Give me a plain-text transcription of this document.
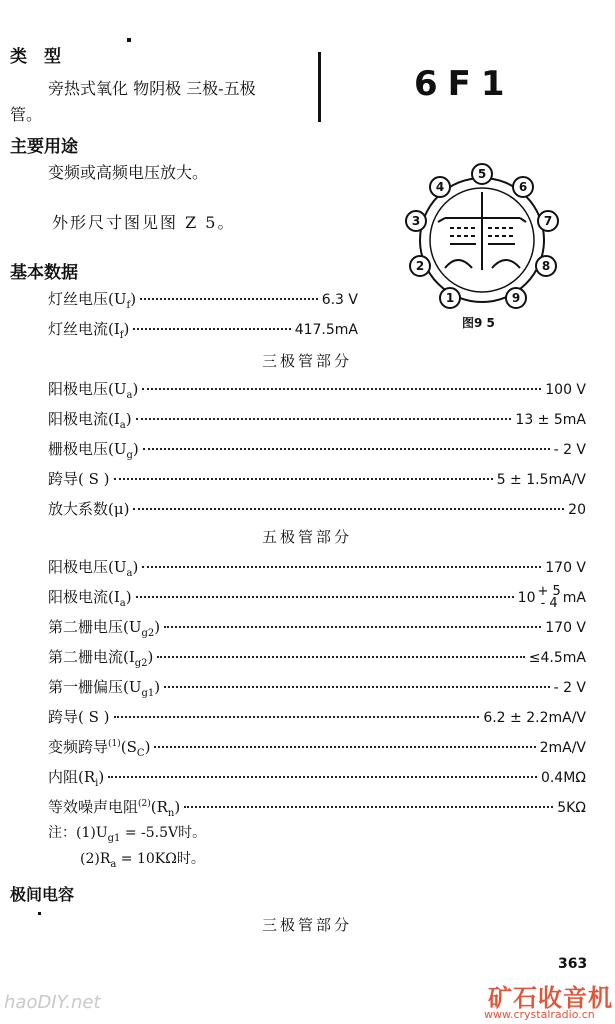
类　型
旁热式氧化 物阴极 三极-五极
管。
6F1
主要用途
变频或高频电压放大。
外形尺寸图见图 Z 5。
1
2
3
4
5
6
7
8
9
图9 5
基本数据
灯丝电压$(U_f)$	6.3 V
灯丝电流$(I_f)$	417.5mA
三极管部分
阳极电压$(U_a)$	100 V
阳极电流$(I_a)$	13 ± 5mA
栅极电压$(U_g)$	- 2 V
跨导( S )	5 ± 1.5mA/V
放大系数(μ)	20
五极管部分
阳极电压$(U_a)$	170 V
阳极电流$(I_a)$	10 + 5
- 4 mA
第二栅电压$(U_{g2})$	170 V
第二栅电流$(I_{g2})$	≤4.5mA
第一栅偏压$(U_{g1})$	- 2 V
跨导( S )	6.2 ± 2.2mA/V
变频跨导$^{(1)}(S_C)$	2mA/V
内阻$(R_i)$	0.4MΩ
等效噪声电阻$^{(2)}(R_n)$	5KΩ
注：$(1)U_{g1} = -5.5V$时。
$(2)R_a = 10K\Omega$时。
极间电容
三极管部分
363
haoDIY.net	矿石收音机
www.crystalradio.cn
